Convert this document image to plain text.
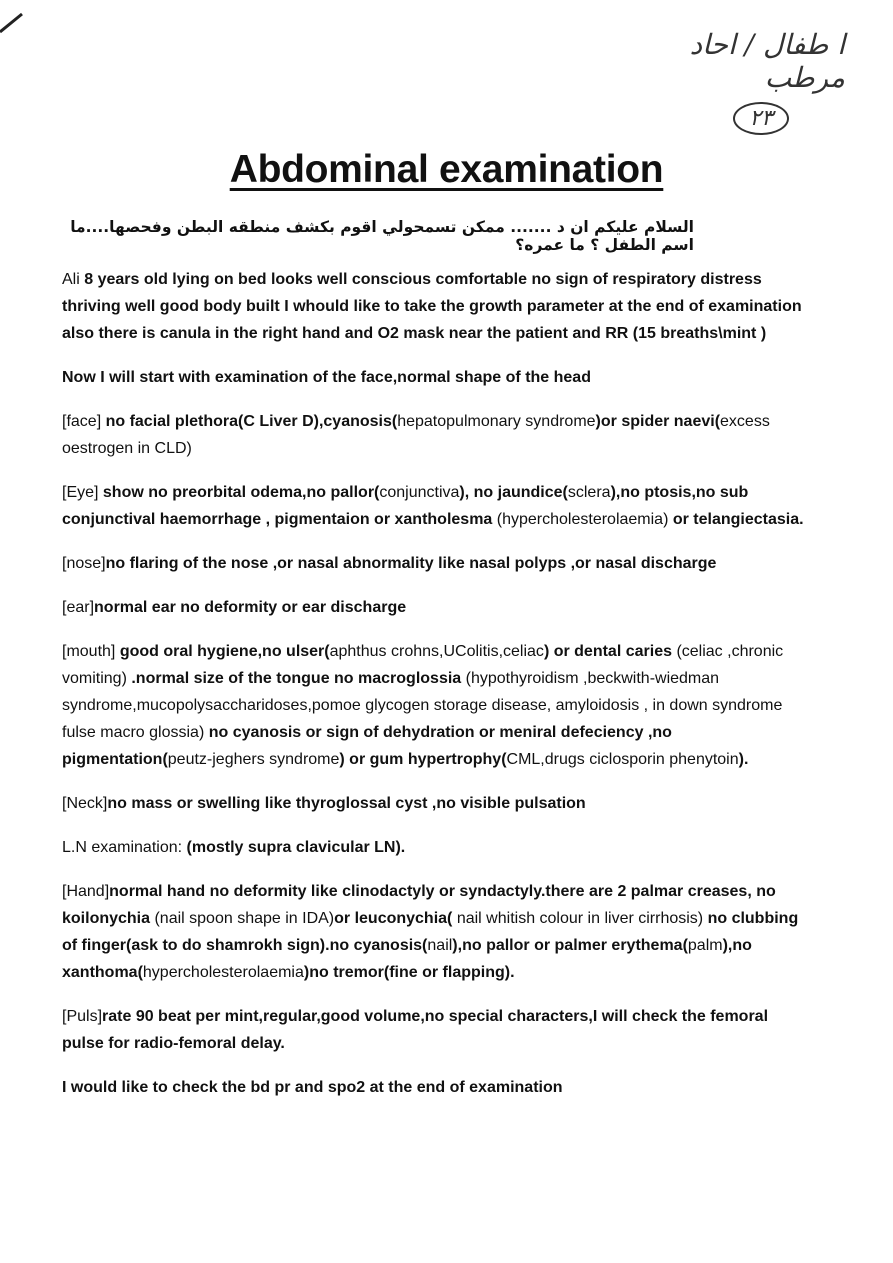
ا طفال / احاد مرطب
٢٣
Abdominal examination
السلام عليكم ان د ....... ممكن تسمحولي اقوم بكشف منطقه البطن وفحصها....ما اسم الطفل ؟ ما عمره؟

Ali 8 years old lying on bed looks well conscious comfortable no sign of respiratory distress thriving well good body built I whould like to take the growth parameter at the end of examination also there is canula in the right hand and O2 mask near the patient and RR (15 breaths\mint )

Now I will start with examination of the face,normal shape of the head

[face] no facial plethora(C Liver D),cyanosis(hepatopulmonary syndrome)or spider naevi(excess oestrogen in CLD)

[Eye] show no preorbital odema,no pallor(conjunctiva), no jaundice(sclera),no ptosis,no sub conjunctival haemorrhage , pigmentaion or xantholesma (hypercholesterolaemia) or telangiectasia.

[nose]no flaring of the nose ,or nasal abnormality like nasal polyps ,or nasal discharge

[ear]normal ear no deformity or ear discharge

[mouth] good oral hygiene,no ulser(aphthus crohns,UColitis,celiac) or dental caries (celiac ,chronic vomiting) .normal size of the tongue no macroglossia (hypothyroidism ,beckwith-wiedman syndrome,mucopolysaccharidoses,pomoe glycogen storage disease, amyloidosis , in down syndrome fulse macro glossia) no cyanosis or sign of dehydration or meniral defeciency ,no pigmentation(peutz-jeghers syndrome) or gum hypertrophy(CML,drugs ciclosporin phenytoin).

[Neck]no mass or swelling like thyroglossal cyst ,no visible pulsation

L.N examination: (mostly supra clavicular LN).

[Hand]normal hand no deformity like clinodactyly or syndactyly.there are 2 palmar creases, no koilonychia (nail spoon shape in IDA)or leuconychia( nail whitish colour in liver cirrhosis) no clubbing of finger(ask to do shamrokh sign).no cyanosis(nail),no pallor or palmer erythema(palm),no xanthoma(hypercholesterolaemia)no tremor(fine or flapping).

[Puls]rate 90 beat per mint,regular,good volume,no special characters,I will check the femoral pulse for radio-femoral delay.

I would like to check the bd pr and spo2 at the end of examination
